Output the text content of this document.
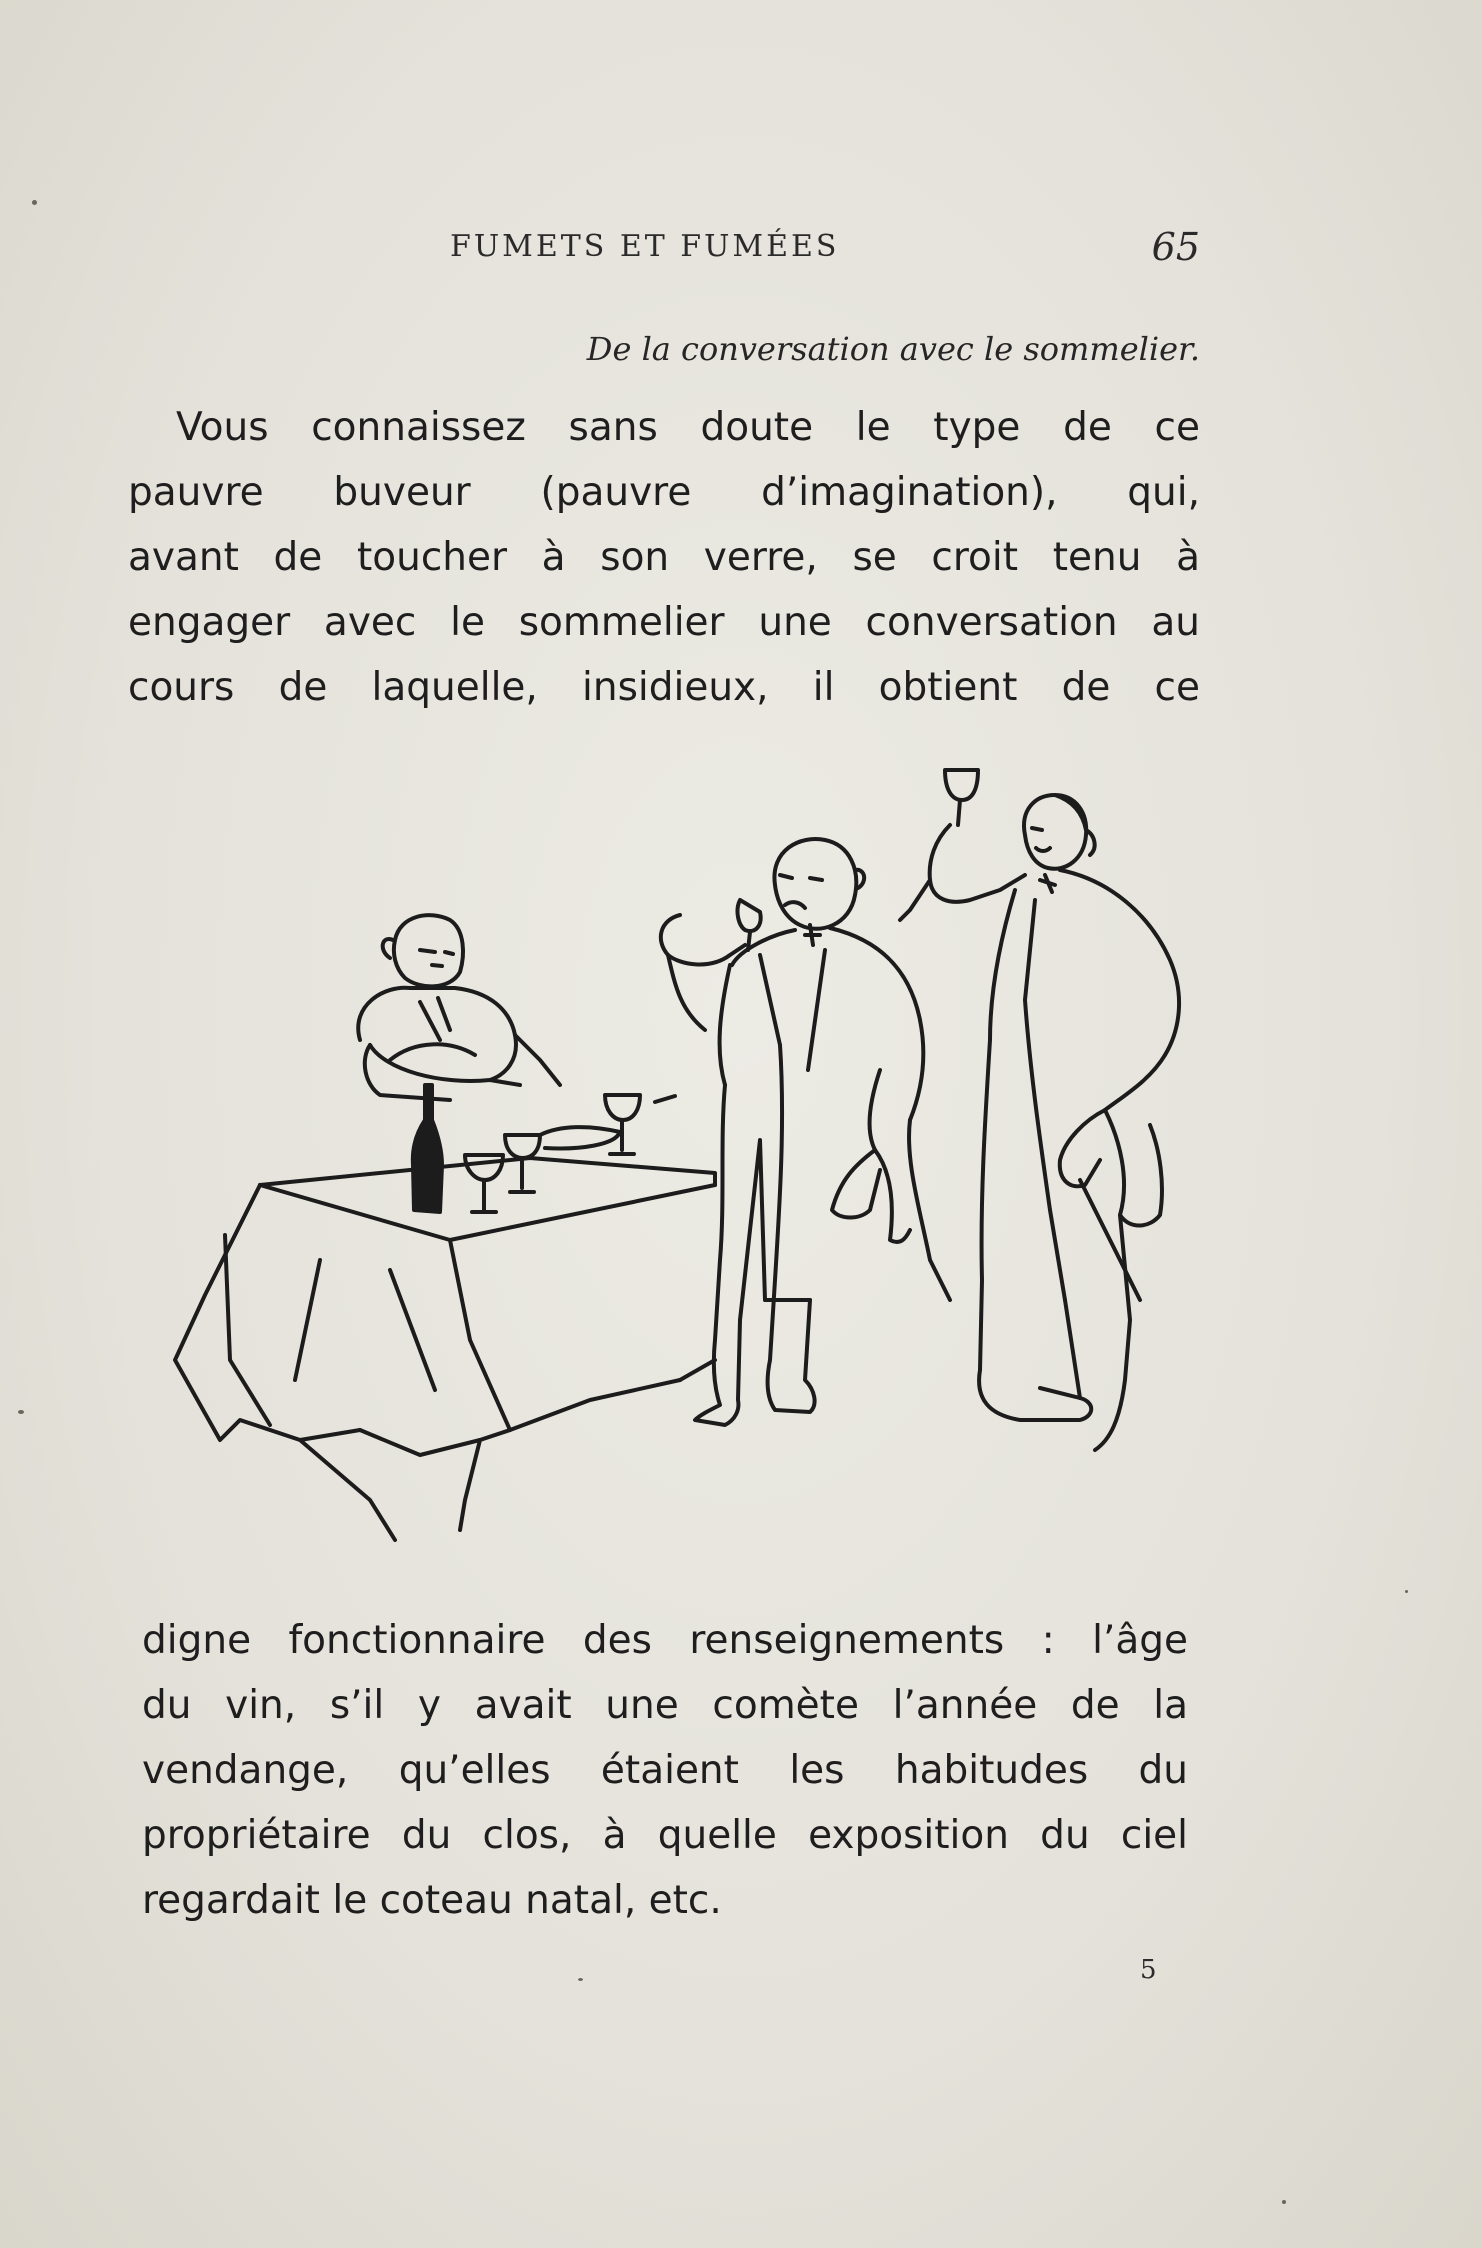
FUMETS ET FUMÉES	65
De la conversation avec le sommelier.
Vous connaissez sans doute le type de ce
pauvre buveur (pauvre d’imagination), qui,
avant de toucher à son verre, se croit tenu à
engager avec le sommelier une conversation au
cours de laquelle, insidieux, il obtient de ce
digne fonctionnaire des renseignements : l’âge
du vin, s’il y avait une comète l’année de la
vendange, qu’elles étaient les habitudes du
propriétaire du clos, à quelle exposition du ciel
regardait le coteau natal, etc.
5
